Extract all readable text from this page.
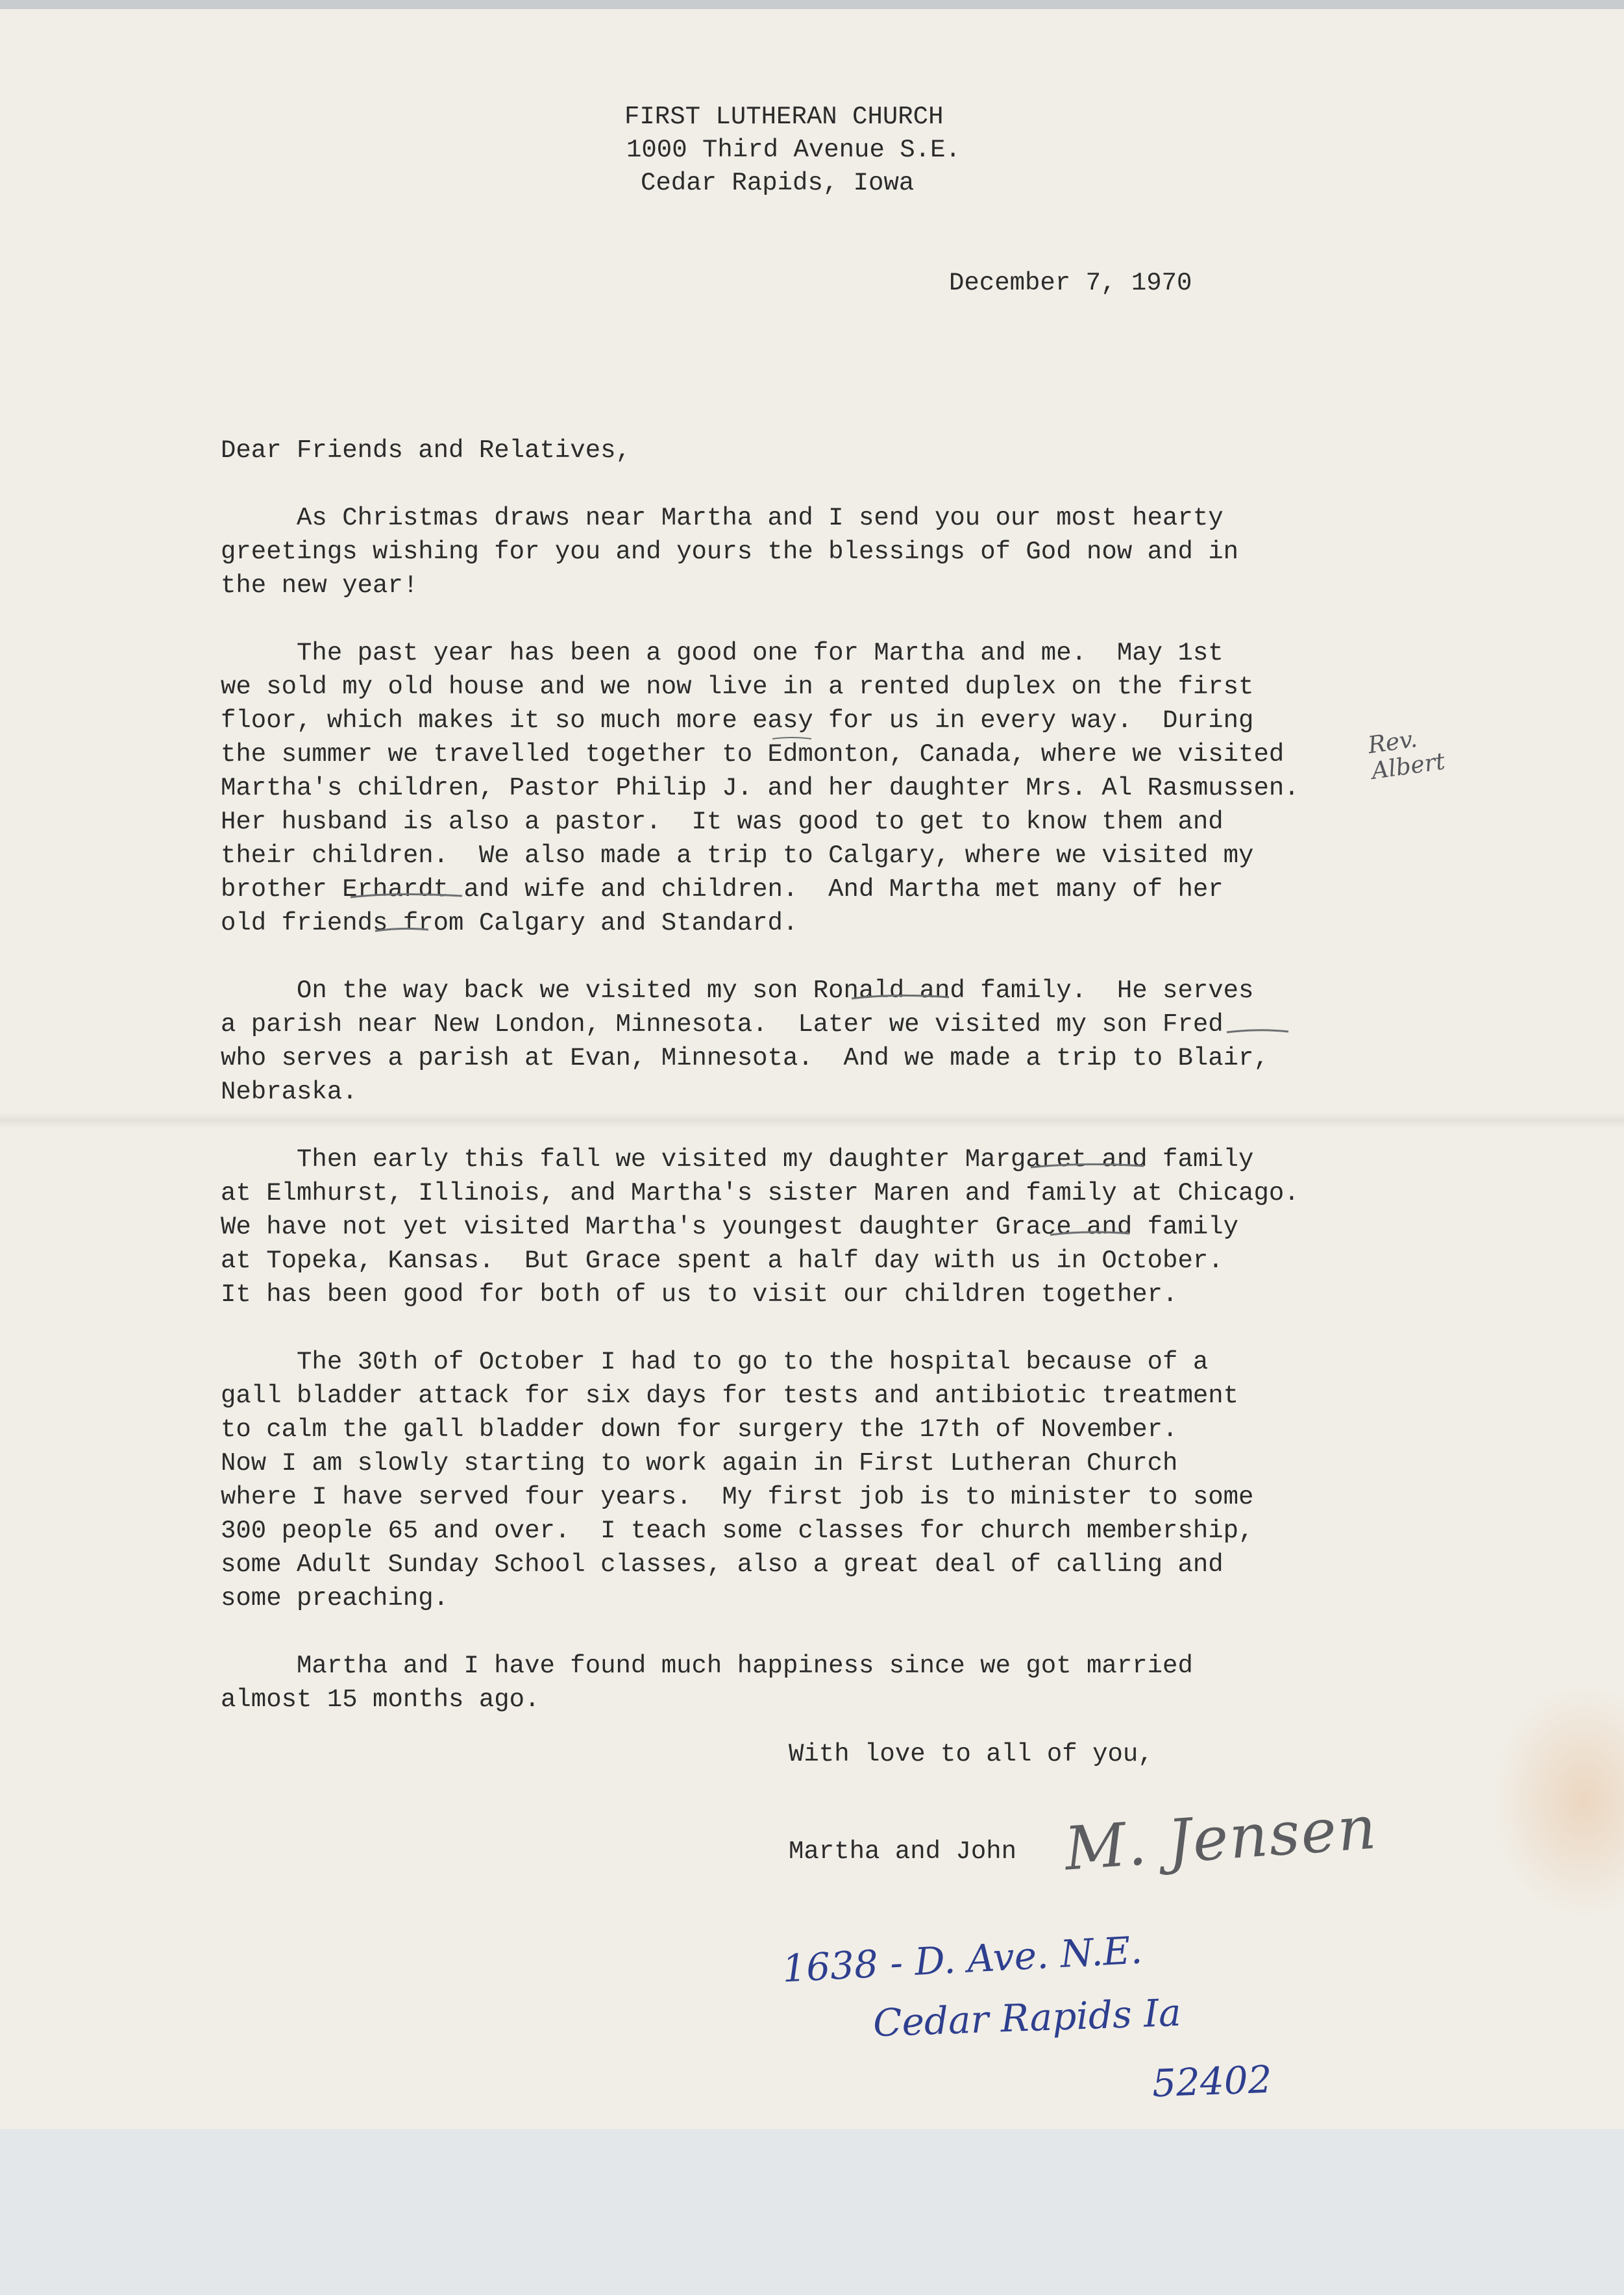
FIRST LUTHERAN CHURCH

1000 Third Avenue S.E.

Cedar Rapids, Iowa

December 7, 1970

Dear Friends and Relatives,

As Christmas draws near Martha and I send you our most hearty

greetings wishing for you and yours the blessings of God now and in

the new year!

The past year has been a good one for Martha and me.  May 1st

we sold my old house and we now live in a rented duplex on the first

floor, which makes it so much more easy for us in every way.  During

the summer we travelled together to Edmonton, Canada, where we visited

Martha's children, Pastor Philip J. and her daughter Mrs. Al Rasmussen.

Her husband is also a pastor.  It was good to get to know them and

their children.  We also made a trip to Calgary, where we visited my

brother Erhardt and wife and children.  And Martha met many of her

old friends from Calgary and Standard.

On the way back we visited my son Ronald and family.  He serves

a parish near New London, Minnesota.  Later we visited my son Fred

who serves a parish at Evan, Minnesota.  And we made a trip to Blair,

Nebraska.

Then early this fall we visited my daughter Margaret and family

at Elmhurst, Illinois, and Martha's sister Maren and family at Chicago.

We have not yet visited Martha's youngest daughter Grace and family

at Topeka, Kansas.  But Grace spent a half day with us in October.

It has been good for both of us to visit our children together.

The 30th of October I had to go to the hospital because of a

gall bladder attack for six days for tests and antibiotic treatment

to calm the gall bladder down for surgery the 17th of November.

Now I am slowly starting to work again in First Lutheran Church

where I have served four years.  My first job is to minister to some

300 people 65 and over.  I teach some classes for church membership,

some Adult Sunday School classes, also a great deal of calling and

some preaching.

Martha and I have found much happiness since we got married

almost 15 months ago.

With love to all of you,

Martha and John

Rev. Albert

M. Jensen

1638 - D. Ave. N.E.

Cedar Rapids Ia

52402
